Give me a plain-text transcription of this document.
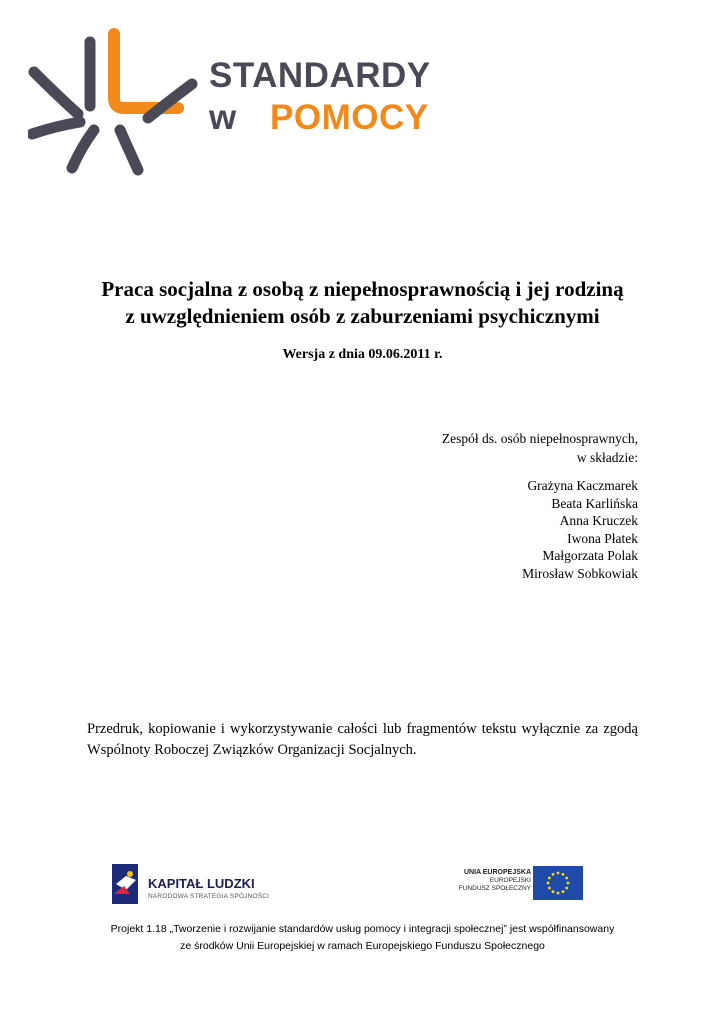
STANDARDY
w POMOCY
Praca socjalna z osobą z niepełnosprawnością i jej rodziną
z uwzględnieniem osób z zaburzeniami psychicznymi
Wersja z dnia 09.06.2011 r.
Zespół ds. osób niepełnosprawnych,
w składzie:
Grażyna Kaczmarek
Beata Karlińska
Anna Kruczek
Iwona Płatek
Małgorzata Polak
Mirosław Sobkowiak
Przedruk, kopiowanie i wykorzystywanie całości lub fragmentów tekstu wyłącznie za zgodą Wspólnoty Roboczej Związków Organizacji Socjalnych.
KAPITAŁ LUDZKI
NARODOWA STRATEGIA SPÓJNOŚCI
UNIA EUROPEJSKA
EUROPEJSKI
FUNDUSZ SPOŁECZNY
Projekt 1.18 „Tworzenie i rozwijanie standardów usług pomocy i integracji społecznej” jest współfinansowany
ze środków Unii Europejskiej w ramach Europejskiego Funduszu Społecznego
